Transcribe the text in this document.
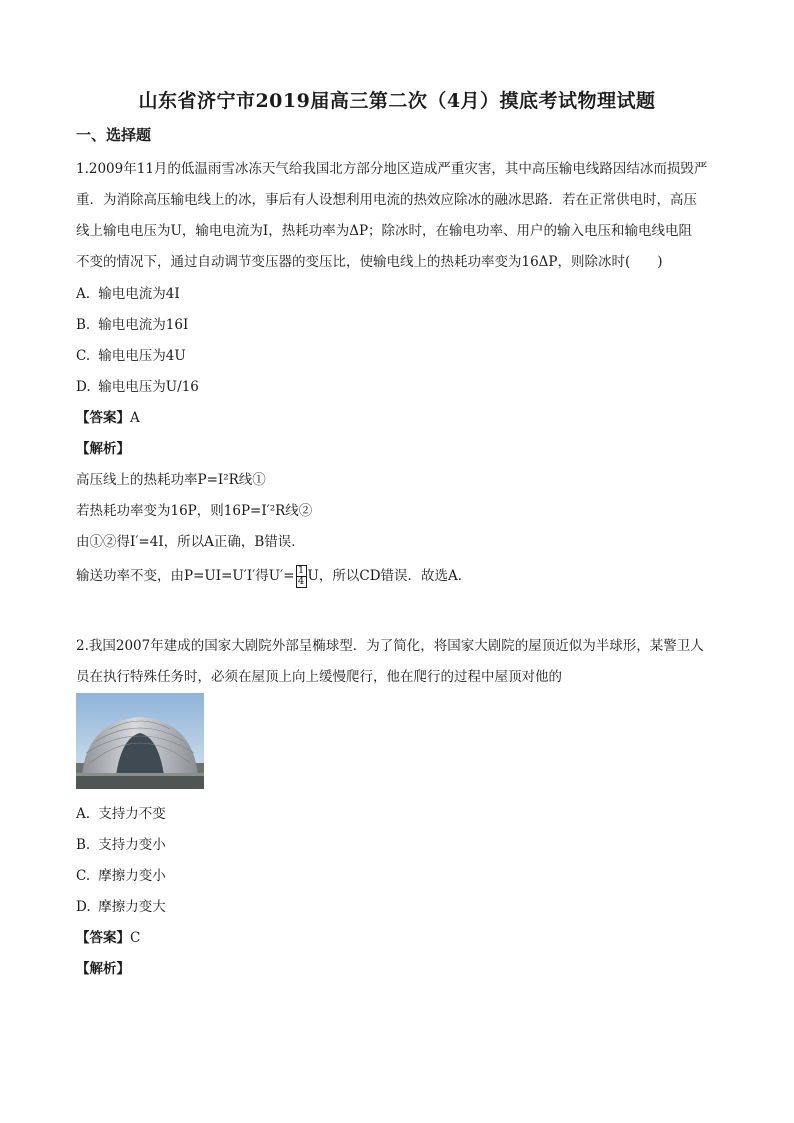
山东省济宁市2019届高三第二次（4月）摸底考试物理试题
一、选择题
1.2009年11月的低温雨雪冰冻天气给我国北方部分地区造成严重灾害，其中高压输电线路因结冰而损毁严
重．为消除高压输电线上的冰，事后有人设想利用电流的热效应除冰的融冰思路．若在正常供电时，高压
线上输电电压为U，输电电流为I，热耗功率为ΔP；除冰时，在输电功率、用户的输入电压和输电线电阻
不变的情况下，通过自动调节变压器的变压比，使输电线上的热耗功率变为16ΔP，则除冰时(　　)
A. 输电电流为4I
B. 输电电流为16I
C. 输电电压为4U
D. 输电电压为U/16
【答案】A
【解析】
高压线上的热耗功率P=I²R线①
若热耗功率变为16P，则16P=I′²R线②
由①②得I′=4I，所以A正确，B错误．
输送功率不变，由P=UI=U′I′得$U'= \frac{1}{4}$ U，所以CD错误．故选A．
2.我国2007年建成的国家大剧院外部呈椭球型．为了简化，将国家大剧院的屋顶近似为半球形，某警卫人
员在执行特殊任务时，必须在屋顶上向上缓慢爬行，他在爬行的过程中屋顶对他的
A. 支持力不变
B. 支持力变小
C. 摩擦力变小
D. 摩擦力变大
【答案】C
【解析】
